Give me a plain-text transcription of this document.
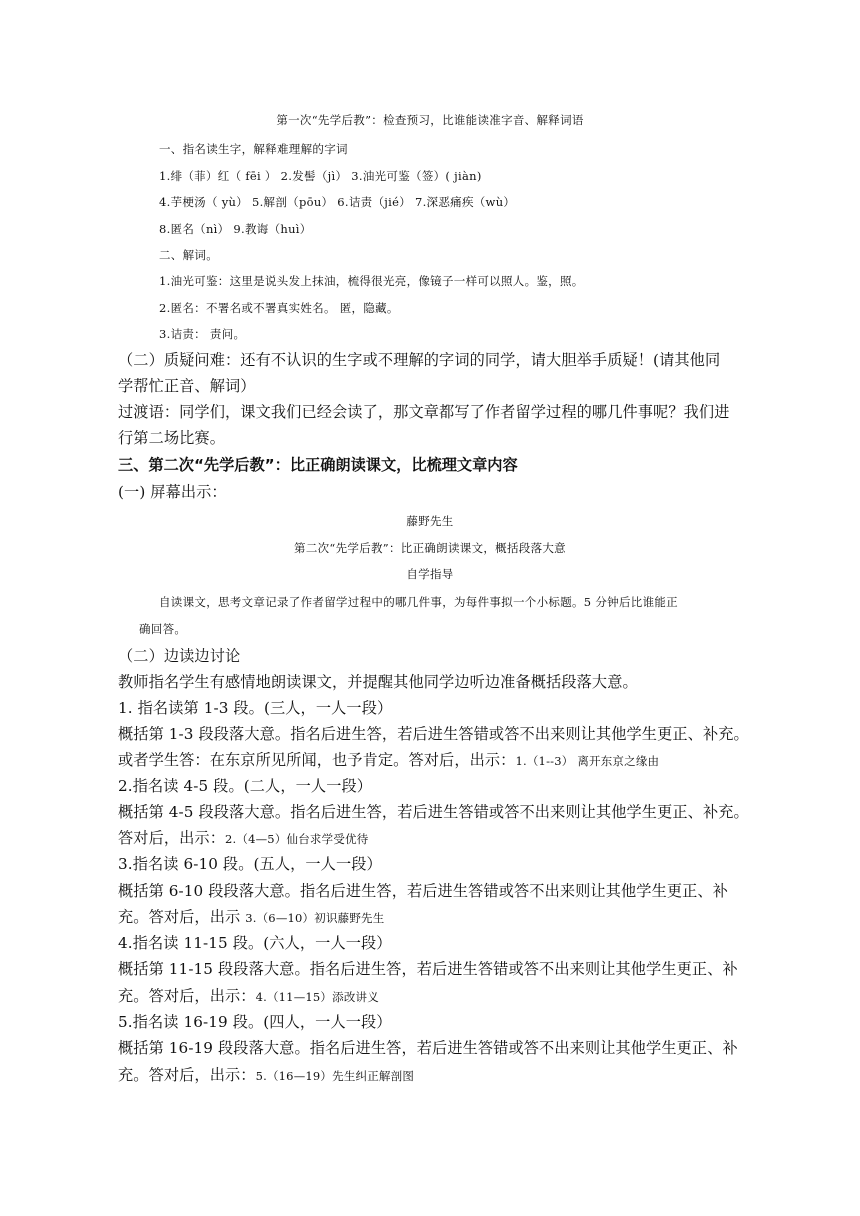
第一次“先学后教”：检查预习，比谁能读准字音、解释词语
一、指名读生字，解释难理解的字词
1.绯（菲）红（ fēi ） 2.发髻（jì） 3.油光可鉴（签）( jiàn)
4.芋梗汤（ yù） 5.解剖（pōu） 6.诘责（jié） 7.深恶痛疾（wù）
8.匿名（nì） 9.教诲（huì）
二、解词。
1.油光可鉴：这里是说头发上抹油，梳得很光亮，像镜子一样可以照人。鉴，照。
2.匿名：不署名或不署真实姓名。 匿，隐藏。
3.诘责： 责问。
（二）质疑问难：还有不认识的生字或不理解的字词的同学，请大胆举手质疑！(请其他同
学帮忙正音、解词）
过渡语：同学们，课文我们已经会读了，那文章都写了作者留学过程的哪几件事呢？我们进
行第二场比赛。
三、第二次“先学后教”：比正确朗读课文，比梳理文章内容
(一) 屏幕出示：
藤野先生
第二次“先学后教”：比正确朗读课文，概括段落大意
自学指导
自读课文，思考文章记录了作者留学过程中的哪几件事，为每件事拟一个小标题。5 分钟后比谁能正
确回答。
（二）边读边讨论
教师指名学生有感情地朗读课文，并提醒其他同学边听边准备概括段落大意。
1. 指名读第 1-3 段。(三人，一人一段）
概括第 1-3 段段落大意。指名后进生答，若后进生答错或答不出来则让其他学生更正、补充。
或者学生答：在东京所见所闻，也予肯定。答对后，出示：1.（1--3） 离开东京之缘由
2.指名读 4-5 段。(二人，一人一段）
概括第 4-5 段段落大意。指名后进生答，若后进生答错或答不出来则让其他学生更正、补充。
答对后，出示：2.（4—5）仙台求学受优待
3.指名读 6-10 段。(五人，一人一段）
概括第 6-10 段段落大意。指名后进生答，若后进生答错或答不出来则让其他学生更正、补
充。答对后，出示 3.（6—10）初识藤野先生
4.指名读 11-15 段。(六人，一人一段）
概括第 11-15 段段落大意。指名后进生答，若后进生答错或答不出来则让其他学生更正、补
充。答对后，出示：4.（11—15）添改讲义
5.指名读 16-19 段。(四人，一人一段）
概括第 16-19 段段落大意。指名后进生答，若后进生答错或答不出来则让其他学生更正、补
充。答对后，出示：5.（16—19）先生纠正解剖图
